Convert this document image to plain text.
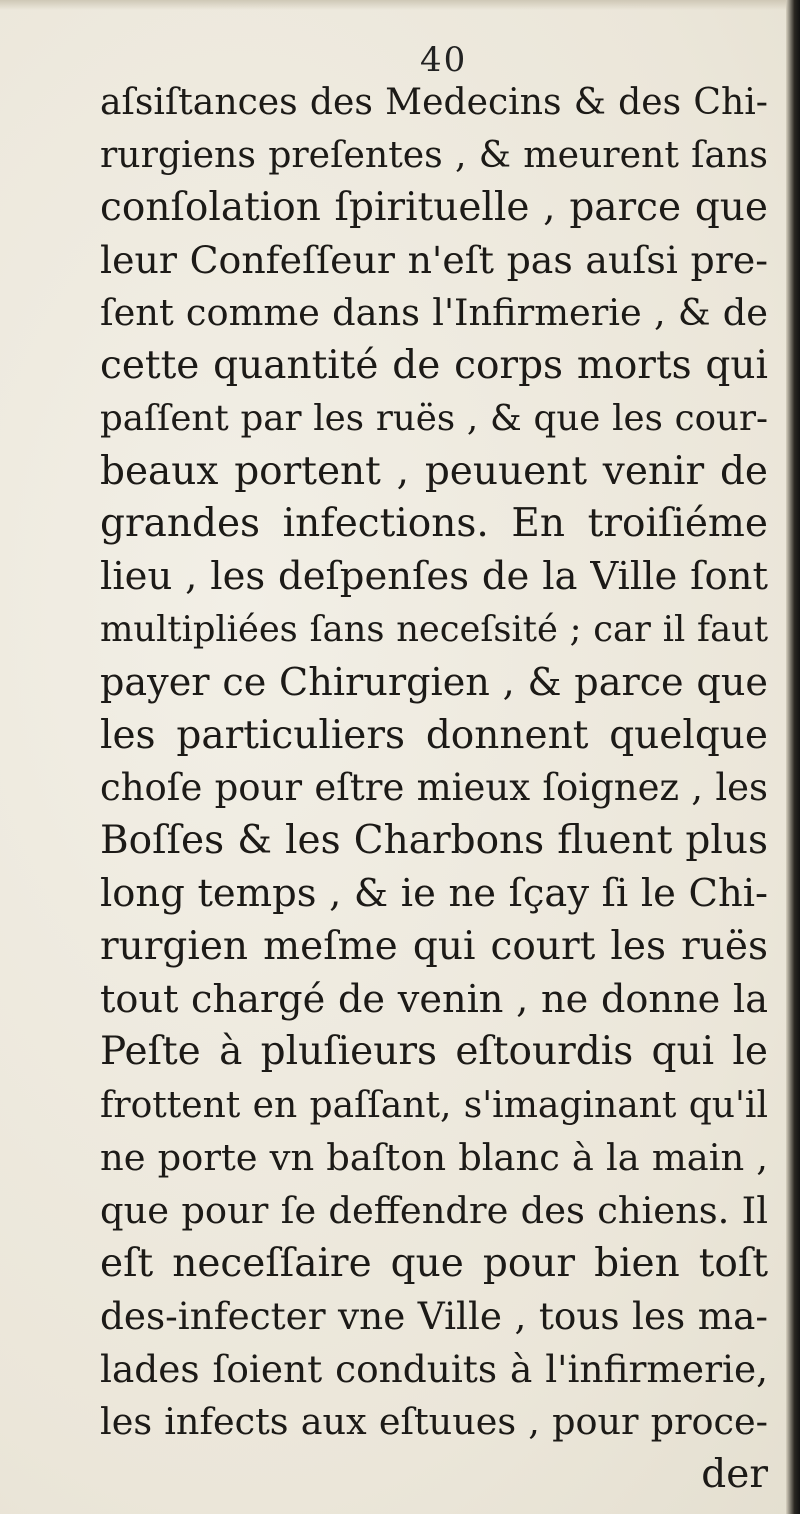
40
aſsiſtances des Medecins & des Chi-
rurgiens preſentes , & meurent ſans
conſolation ſpirituelle , parce que
leur Confeſſeur n'eſt pas auſsi pre-
ſent comme dans l'Infirmerie , & de
cette quantité de corps morts qui
paſſent par les ruës , & que les cour-
beaux portent , peuuent venir de
grandes infections. En troiſiéme
lieu , les deſpenſes de la Ville ſont
multipliées ſans neceſsité ; car il faut
payer ce Chirurgien , & parce que
les particuliers donnent quelque
choſe pour eſtre mieux ſoignez , les
Boſſes & les Charbons fluent plus
long temps , & ie ne ſçay ſi le Chi-
rurgien meſme qui court les ruës
tout chargé de venin , ne donne la
Peſte à pluſieurs eſtourdis qui le
frottent en paſſant, s'imaginant qu'il
ne porte vn baſton blanc à la main ,
que pour ſe deffendre des chiens. Il
eſt neceſſaire que pour bien toſt
des-infecter vne Ville , tous les ma-
lades ſoient conduits à l'infirmerie,
les infects aux eſtuues , pour proce-
der
